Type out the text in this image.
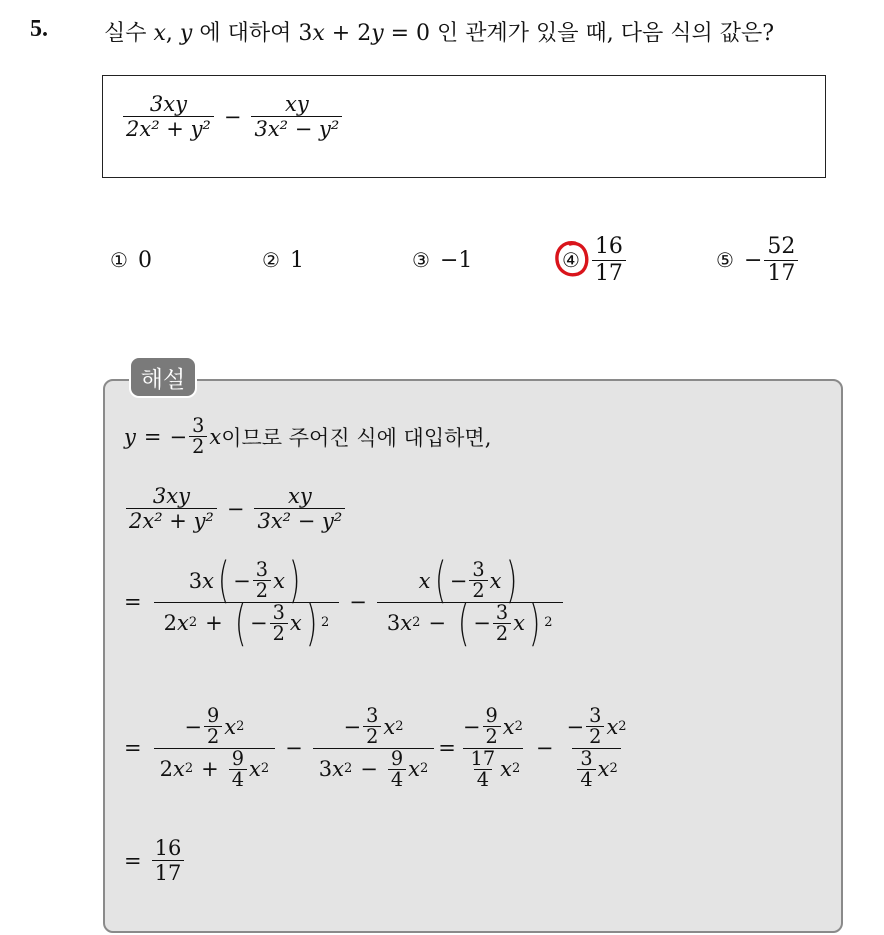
5.	실수 x, y 에 대하여 3x + 2y = 0 인 관계가 있을 때, 다음 식의 값은?
$\frac{3xy}{\text{2x² + y²}} - \frac{xy}{\text{3x² − y²}}$
① 0	② 1	③ −1	④ $\frac{16}{17}$	⑤ − $\frac{52}{17}$
해설
y = − $\frac{3}{2}$ x 이므로 주어진 식에 대입하면,
$\frac{3xy}{\text{2x² + y²}} - \frac{xy}{\text{3x² − y²}}$
= $\frac{3 x ( - \frac{3}{2} x )}{2 x 2 + ( - \frac{3}{2} x ) 2} - \frac{x ( - \frac{3}{2} x )}{3 x 2 - ( - \frac{3}{2} x ) 2}$
= $\frac{- \frac{9}{2} x 2}{2 x 2 + \frac{9}{4} x 2} - \frac{- \frac{3}{2} x 2}{3 x 2 - \frac{9}{4} x 2} = \frac{- \frac{9}{2} x 2}{\frac{17}{4} x 2} - \frac{- \frac{3}{2} x 2}{\frac{3}{4} x 2}$
= $\frac{16}{17}$
